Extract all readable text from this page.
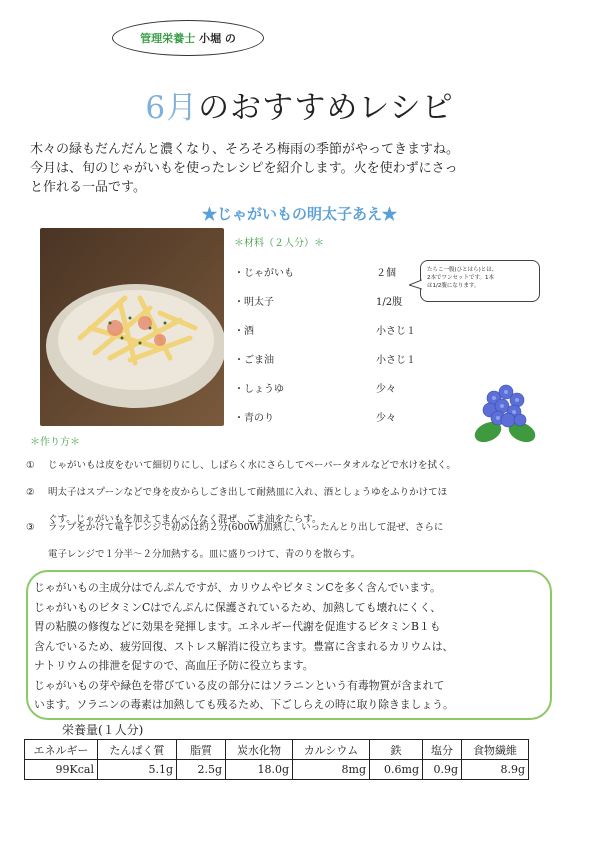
管理栄養士 小堀 の
6月のおすすめレシピ
木々の緑もだんだんと濃くなり、そろそろ梅雨の季節がやってきますね。
今月は、旬のじゃがいもを使ったレシピを紹介します。火を使わずにさっ
と作れる一品です。
★じゃがいもの明太子あえ★
＊材料（２人分）＊
・じゃがいも	２個
・明太子	1/2腹
・酒	小さじ１
・ごま油	小さじ１
・しょうゆ	少々
・青のり	少々
たらこ一腹(ひとはら)とは、
2本でワンセットです。1本
は1/2腹になります。
＊作り方＊
① じゃがいもは皮をむいて細切りにし、しばらく水にさらしてペーパータオルなどで水けを拭く。
② 明太子はスプーンなどで身を皮からしごき出して耐熱皿に入れ、酒としょうゆをふりかけてほ
ぐす。じゃがいもを加えてまんべんなく混ぜ、ごま油をたらす。
③ ラップをかけて電子レンジで初めは約２分(600W)加熱し、いったんとり出して混ぜ、さらに
電子レンジで１分半～２分加熱する。皿に盛りつけて、青のりを散らす。
じゃがいもの主成分はでんぷんですが、カリウムやビタミンCを多く含んでいます。
じゃがいものビタミンCはでんぷんに保護されているため、加熱しても壊れにくく、
胃の粘膜の修復などに効果を発揮します。エネルギー代謝を促進するビタミンB１も
含んでいるため、疲労回復、ストレス解消に役立ちます。豊富に含まれるカリウムは、
ナトリウムの排泄を促すので、高血圧予防に役立ちます。
じゃがいもの芽や緑色を帯びている皮の部分にはソラニンという有毒物質が含まれて
います。ソラニンの毒素は加熱しても残るため、下ごしらえの時に取り除きましょう。
栄養量(１人分)
エネルギー	たんぱく質	脂質	炭水化物	カルシウム	鉄	塩分	食物繊維
99Kcal	5.1g	2.5g	18.0g	8mg	0.6mg	0.9g	8.9g
